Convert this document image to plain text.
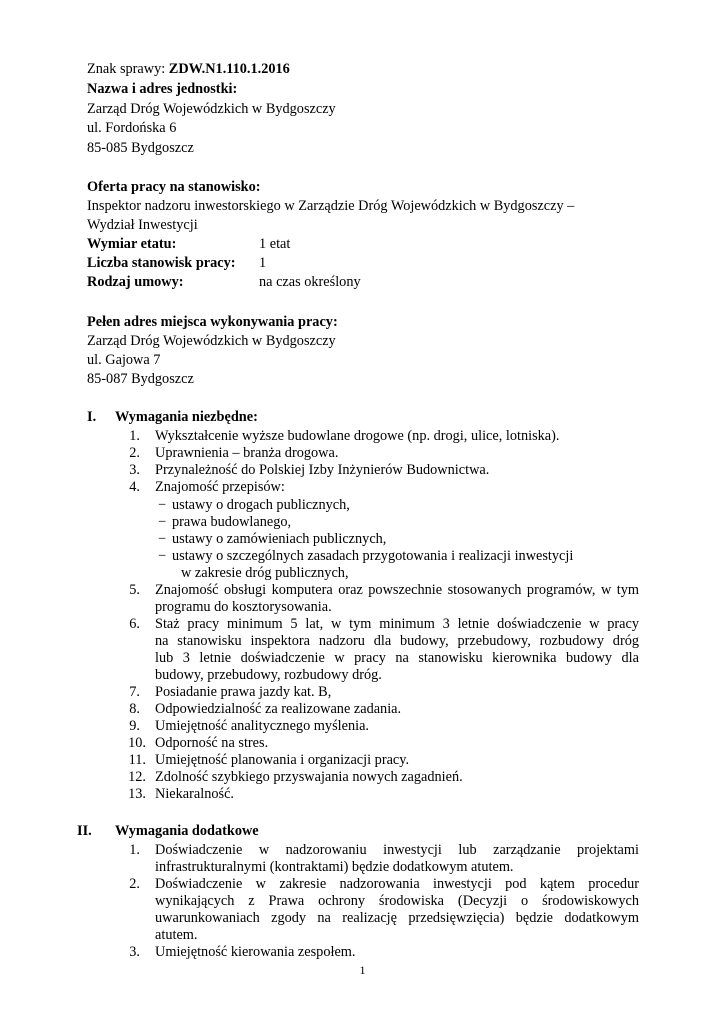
Znak sprawy: ZDW.N1.110.1.2016
Nazwa i adres jednostki:
Zarząd Dróg Wojewódzkich w Bydgoszczy
ul. Fordońska 6
85-085 Bydgoszcz
Oferta pracy na stanowisko:
Inspektor nadzoru inwestorskiego w Zarządzie Dróg Wojewódzkich w Bydgoszczy –
Wydział Inwestycji
Wymiar etatu:	1 etat
Liczba stanowisk pracy: 1
Rodzaj umowy:	na czas określony
Pełen adres miejsca wykonywania pracy:
Zarząd Dróg Wojewódzkich w Bydgoszczy
ul. Gajowa 7
85-087 Bydgoszcz
I. Wymagania niezbędne:
1. Wykształcenie wyższe budowlane drogowe (np. drogi, ulice, lotniska).
2. Uprawnienia – branża drogowa.
3. Przynależność do Polskiej Izby Inżynierów Budownictwa.
4. Znajomość przepisów:
− ustawy o drogach publicznych,
− prawa budowlanego,
− ustawy o zamówieniach publicznych,
− ustawy o szczególnych zasadach przygotowania i realizacji inwestycji
w zakresie dróg publicznych,
5. Znajomość obsługi komputera oraz powszechnie stosowanych programów, w tym
programu do kosztorysowania.
6. Staż pracy minimum 5 lat, w tym minimum 3 letnie doświadczenie w pracy
na stanowisku inspektora nadzoru dla budowy, przebudowy, rozbudowy dróg
lub 3 letnie doświadczenie w pracy na stanowisku kierownika budowy dla
budowy, przebudowy, rozbudowy dróg.
7. Posiadanie prawa jazdy kat. B,
8. Odpowiedzialność za realizowane zadania.
9. Umiejętność analitycznego myślenia.
10. Odporność na stres.
11. Umiejętność planowania i organizacji pracy.
12. Zdolność szybkiego przyswajania nowych zagadnień.
13. Niekaralność.
II. Wymagania dodatkowe
1. Doświadczenie w nadzorowaniu inwestycji lub zarządzanie projektami
infrastrukturalnymi (kontraktami) będzie dodatkowym atutem.
2. Doświadczenie w zakresie nadzorowania inwestycji pod kątem procedur
wynikających z Prawa ochrony środowiska (Decyzji o środowiskowych
uwarunkowaniach zgody na realizację przedsięwzięcia) będzie dodatkowym
atutem.
3. Umiejętność kierowania zespołem.
1
